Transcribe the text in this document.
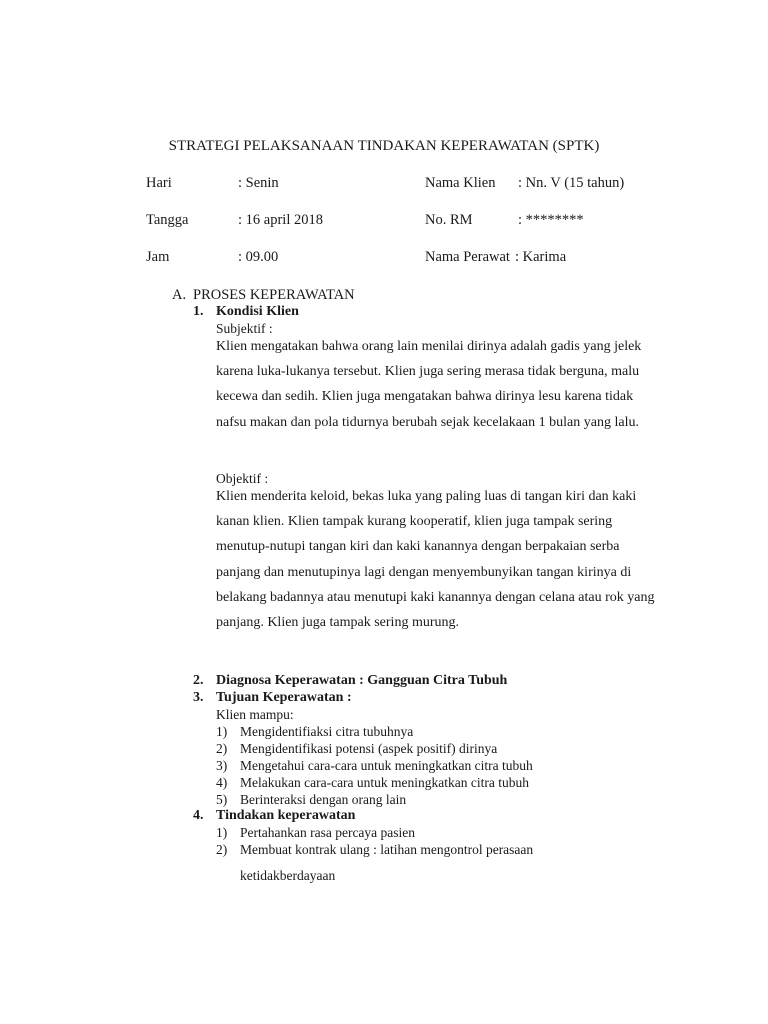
STRATEGI PELAKSANAAN TINDAKAN KEPERAWATAN (SPTK)
Hari	: Senin	Nama Klien : Nn. V (15 tahun)
Tangga	: 16 april 2018	No. RM	: ********
Jam	: 09.00	Nama Perawat : Karima
A. PROSES KEPERAWATAN
1. Kondisi Klien
Subjektif :
Klien mengatakan bahwa orang lain menilai dirinya adalah gadis yang jelek karena luka-lukanya tersebut. Klien juga sering merasa tidak berguna, malu kecewa dan sedih. Klien juga mengatakan bahwa dirinya lesu karena tidak nafsu makan dan pola tidurnya berubah sejak kecelakaan 1 bulan yang lalu.
Objektif :
Klien menderita keloid, bekas luka yang paling luas di tangan kiri dan kaki kanan klien. Klien tampak kurang kooperatif, klien juga tampak sering menutup-nutupi tangan kiri dan kaki kanannya dengan berpakaian serba panjang dan menutupinya lagi dengan menyembunyikan tangan kirinya di belakang badannya atau menutupi kaki kanannya dengan celana atau rok yang panjang. Klien juga tampak sering murung.
2. Diagnosa Keperawatan : Gangguan Citra Tubuh
3. Tujuan Keperawatan :
Klien mampu:
1) Mengidentifiaksi citra tubuhnya
2) Mengidentifikasi potensi (aspek positif) dirinya
3) Mengetahui cara-cara untuk meningkatkan citra tubuh
4) Melakukan cara-cara untuk meningkatkan citra tubuh
5) Berinteraksi dengan orang lain
4. Tindakan keperawatan
1) Pertahankan rasa percaya pasien
2) Membuat kontrak ulang : latihan mengontrol perasaan
ketidakberdayaan
